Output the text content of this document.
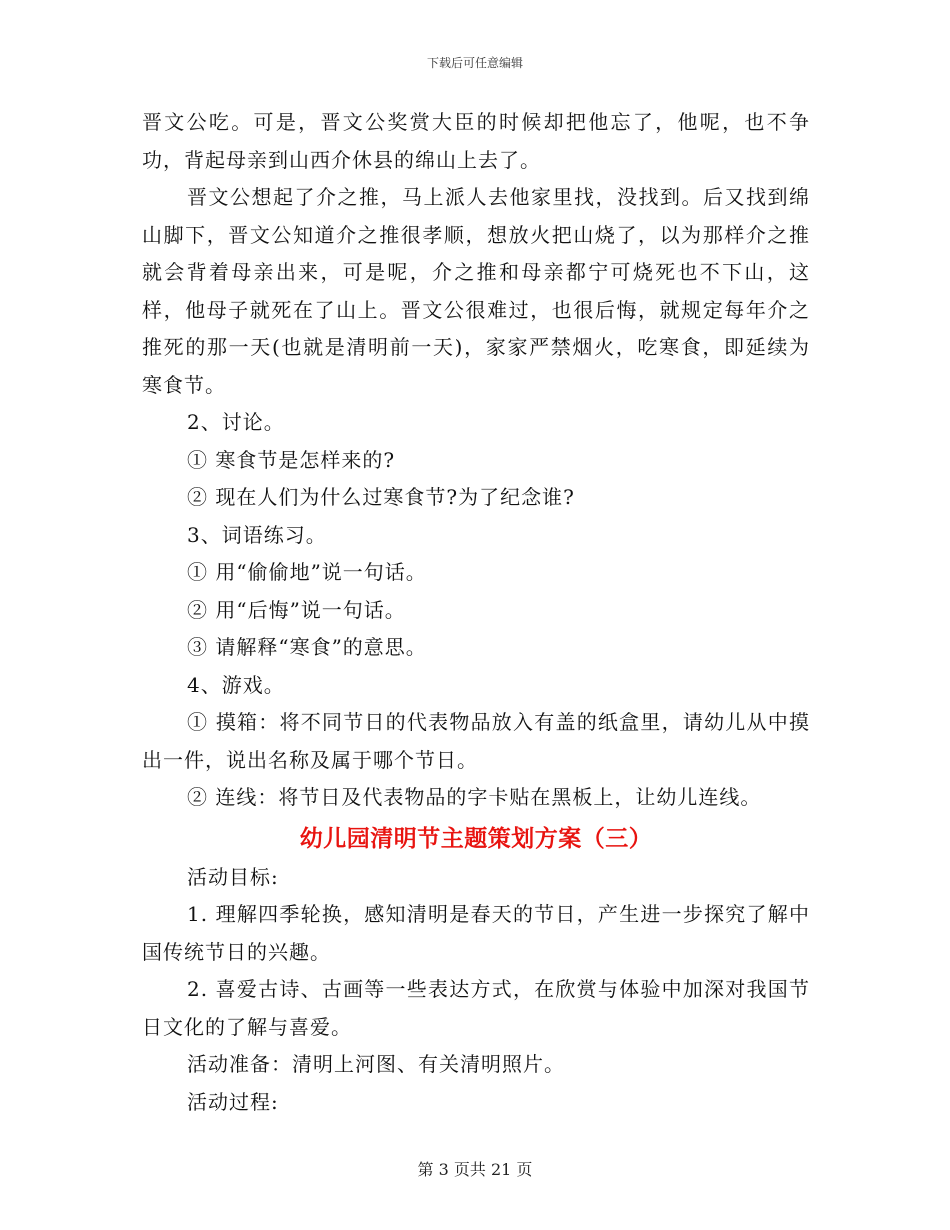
下载后可任意编辑

晋文公吃。可是，晋文公奖赏大臣的时候却把他忘了，他呢，也不争功，背起母亲到山西介休县的绵山上去了。

晋文公想起了介之推，马上派人去他家里找，没找到。后又找到绵山脚下，晋文公知道介之推很孝顺，想放火把山烧了，以为那样介之推就会背着母亲出来，可是呢，介之推和母亲都宁可烧死也不下山，这样，他母子就死在了山上。晋文公很难过，也很后悔，就规定每年介之推死的那一天(也就是清明前一天)，家家严禁烟火，吃寒食，即延续为寒食节。

2、讨论。

① 寒食节是怎样来的?

② 现在人们为什么过寒食节?为了纪念谁?

3、词语练习。

① 用“偷偷地”说一句话。

② 用“后悔”说一句话。

③ 请解释“寒食”的意思。

4、游戏。

① 摸箱：将不同节日的代表物品放入有盖的纸盒里，请幼儿从中摸出一件，说出名称及属于哪个节日。

② 连线：将节日及代表物品的字卡贴在黑板上，让幼儿连线。

幼儿园清明节主题策划方案（三）

活动目标:

1. 理解四季轮换，感知清明是春天的节日，产生进一步探究了解中国传统节日的兴趣。

2. 喜爱古诗、古画等一些表达方式，在欣赏与体验中加深对我国节日文化的了解与喜爱。

活动准备：清明上河图、有关清明照片。

活动过程:

第 3 页共 21 页
